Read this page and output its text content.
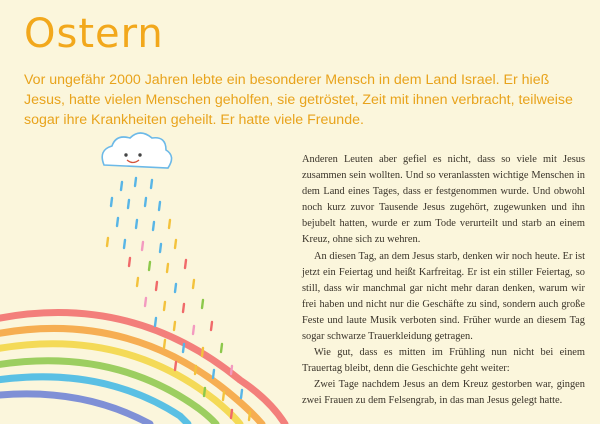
Ostern

Vor ungefähr 2000 Jahren lebte ein besonderer Mensch in dem Land Israel. Er hieß Jesus, hatte vielen Menschen geholfen, sie getröstet, Zeit mit ihnen verbracht, teilweise sogar ihre Krankheiten geheilt. Er hatte viele Freunde.

Anderen Leuten aber gefiel es nicht, dass so viele mit Jesus zusammen sein wollten. Und so veranlassten wichtige Menschen in dem Land eines Tages, dass er festgenommen wurde. Und obwohl noch kurz zuvor Tausende Jesus zugehört, zugewunken und ihn bejubelt hatten, wurde er zum Tode verurteilt und starb an einem Kreuz, ohne sich zu wehren.

An diesen Tag, an dem Jesus starb, denken wir noch heute. Er ist jetzt ein Feiertag und heißt Karfreitag. Er ist ein stiller Feiertag, so still, dass wir manchmal gar nicht mehr daran denken, warum wir frei haben und nicht nur die Geschäfte zu sind, sondern auch große Feste und laute Musik verboten sind. Früher wurde an diesem Tag sogar schwarze Trauerkleidung getragen.

Wie gut, dass es mitten im Frühling nun nicht bei einem Trauertag bleibt, denn die Geschichte geht weiter:

Zwei Tage nachdem Jesus an dem Kreuz gestorben war, gingen zwei Frauen zu dem Felsengrab, in das man Jesus gelegt hatte.
